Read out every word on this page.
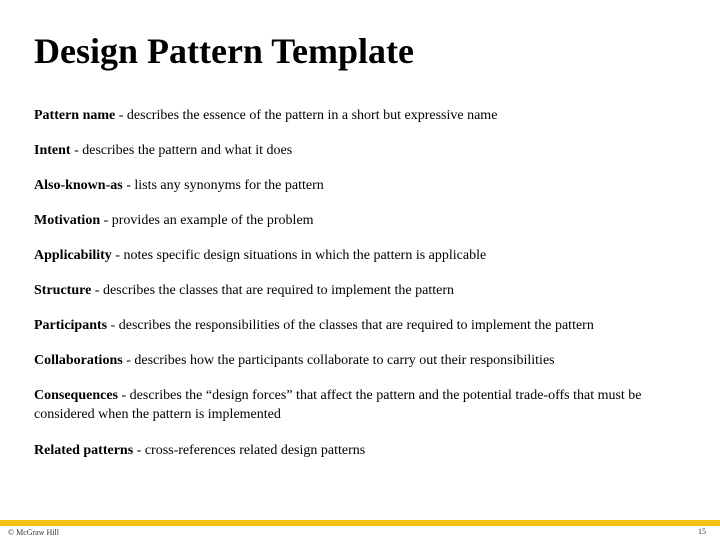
Design Pattern Template
Pattern name - describes the essence of the pattern in a short but expressive name
Intent - describes the pattern and what it does
Also-known-as - lists any synonyms for the pattern
Motivation - provides an example of the problem
Applicability - notes specific design situations in which the pattern is applicable
Structure - describes the classes that are required to implement the pattern
Participants - describes the responsibilities of the classes that are required to implement the pattern
Collaborations - describes how the participants collaborate to carry out their responsibilities
Consequences - describes the “design forces” that affect the pattern and the potential trade-offs that must be considered when the pattern is implemented
Related patterns - cross-references related design patterns
© McGraw Hill	15
